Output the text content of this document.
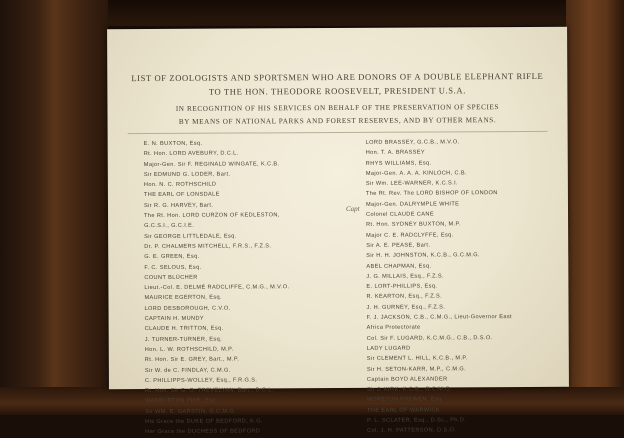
LIST OF ZOOLOGISTS AND SPORTSMEN WHO ARE DONORS OF A DOUBLE ELEPHANT RIFLE
TO THE HON. THEODORE ROOSEVELT, PRESIDENT U.S.A.
IN RECOGNITION OF HIS SERVICES ON BEHALF OF THE PRESERVATION OF SPECIES
BY MEANS OF NATIONAL PARKS AND FOREST RESERVES, AND BY OTHER MEANS.
E. N. BUXTON, Esq.
Rt. Hon. LORD AVEBURY, D.C.L.
Major-Gen. Sir F. REGINALD WINGATE, K.C.B.
Sir EDMUND G. LODER, Bart.
Hon. N. C. ROTHSCHILD
THE EARL OF LONSDALE
Sir R. G. HARVEY, Bart.
The Rt. Hon. LORD CURZON OF KEDLESTON,
G.C.S.I., G.C.I.E.
Sir GEORGE LITTLEDALE, Esq.
Dr. P. CHALMERS MITCHELL, F.R.S., F.Z.S.
G. E. GREEN, Esq.
F. C. SELOUS, Esq.
COUNT BLÜCHER
Lieut.-Col. E. DELMÉ RADCLIFFE, C.M.G., M.V.O.
MAURICE EGERTON, Esq.
LORD DESBOROUGH, C.V.O.
CAPTAIN H. MUNDY
CLAUDE H. TRITTON, Esq.
J. TURNER-TURNER, Esq.
Hon. L. W. ROTHSCHILD, M.P.
Rt. Hon. Sir E. GREY, Bart., M.P.
Sir W. de C. FINDLAY, C.M.G.
C. PHILLIPPS-WOLLEY, Esq., F.R.G.S.
Rt. Hon. Sir G. O. TREVELYAN, Bart., D.C.L.
WARBURTON PIKE, Esq.
Sir WM. E. GARSTIN, G.C.M.G.
His Grace the DUKE OF BEDFORD, K.G.
Her Grace the DUCHESS OF BEDFORD
LORD BRASSEY, G.C.B., M.V.O.
Hon. T. A. BRASSEY
RHYS WILLIAMS, Esq.
Major-Gen. A. A. A. KINLOCH, C.B.
Sir Wm. LEE-WARNER, K.C.S.I.
The Rt. Rev. The LORD BISHOP OF LONDON
Major-Gen. DALRYMPLE WHITE
Colonel CLAUDE CANE
Rt. Hon. SYDNEY BUXTON, M.P.
Major C. E. RADCLYFFE, Esq.
Sir A. E. PEASE, Bart.
Sir H. H. JOHNSTON, K.C.B., G.C.M.G.
ABEL CHAPMAN, Esq.
J. G. MILLAIS, Esq., F.Z.S.
E. LORT-PHILLIPS, Esq.
R. KEARTON, Esq., F.Z.S.
J. H. GURNEY, Esq., F.Z.S.
F. J. JACKSON, C.B., C.M.G., Lieut-Governor East
Africa Protectorate
Col. Sir F. LUGARD, K.C.M.G., C.B., D.S.O.
LADY LUGARD
Sir CLEMENT L. HILL, K.C.B., M.P.
Sir H. SETON-KARR, M.P., C.M.G.
Captain BOYD ALEXANDER
Sir J. KIRK, K.C.B., G.C.M.G.
MORETON FREWEN, Esq.
THE EARL OF WARWICK
P. L. SCLATER, Esq., D.Sc., Ph.D.
Col. J. H. PATTERSON, D.S.O.
Capt
